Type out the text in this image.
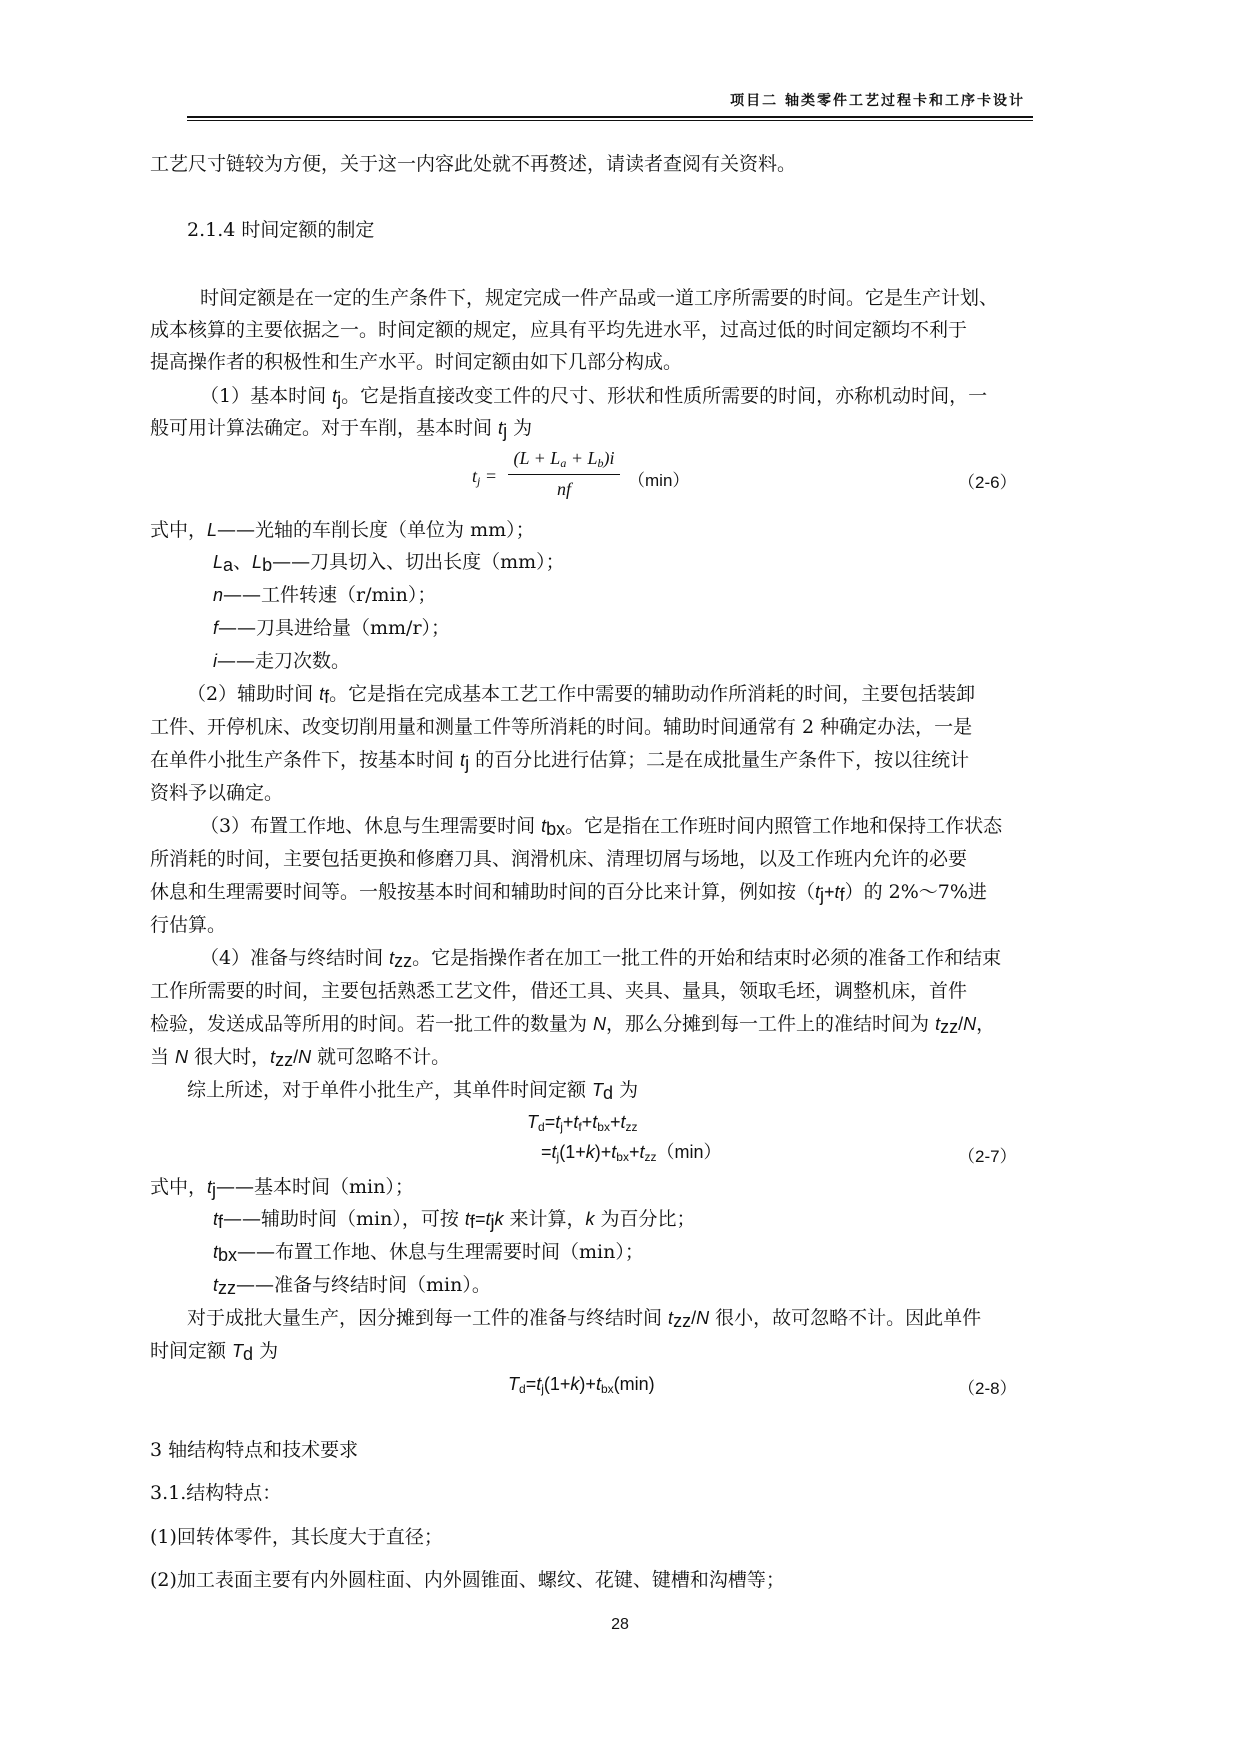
项目二 轴类零件工艺过程卡和工序卡设计
工艺尺寸链较为方便，关于这一内容此处就不再赘述，请读者查阅有关资料。
2.1.4 时间定额的制定
时间定额是在一定的生产条件下，规定完成一件产品或一道工序所需要的时间。它是生产计划、
成本核算的主要依据之一。时间定额的规定，应具有平均先进水平，过高过低的时间定额均不利于
提高操作者的积极性和生产水平。时间定额由如下几部分构成。
（1）基本时间 $t_j$。它是指直接改变工件的尺寸、形状和性质所需要的时间，亦称机动时间，一
般可用计算法确定。对于车削，基本时间 $t_j$ 为
$t_j$ =
$(L + L_a + L_b)i$
nf	（min）	（2-6）
式中，L——光轴的车削长度（单位为 mm）；
$L_a$、$L_b——$刀具切入、切出长度（mm）；
n——工件转速（r/min）；
f——刀具进给量（mm/r）；
i——走刀次数。
（2）辅助时间 $t_f$。它是指在完成基本工艺工作中需要的辅助动作所消耗的时间，主要包括装卸
工件、开停机床、改变切削用量和测量工件等所消耗的时间。辅助时间通常有 2 种确定办法，一是
在单件小批生产条件下，按基本时间 $t_j$ 的百分比进行估算；二是在成批量生产条件下，按以往统计
资料予以确定。
（3）布置工作地、休息与生理需要时间 $t_{bx}$。它是指在工作班时间内照管工作地和保持工作状态
所消耗的时间，主要包括更换和修磨刀具、润滑机床、清理切屑与场地，以及工作班内允许的必要
休息和生理需要时间等。一般按基本时间和辅助时间的百分比来计算，例如按$(t_j+t_f)$的 2%～7%进
行估算。
（4）准备与终结时间 $t_{zz}$。它是指操作者在加工一批工件的开始和结束时必须的准备工作和结束
工作所需要的时间，主要包括熟悉工艺文件，借还工具、夹具、量具，领取毛坯，调整机床，首件
检验，发送成品等所用的时间。若一批工件的数量为 N，那么分摊到每一工件上的准结时间为 $t_{zz}/N$，
当 N 很大时，$t_{zz}/N$ 就可忽略不计。
综上所述，对于单件小批生产，其单件时间定额 $T_d$ 为
$T_d=t_j+t_f+t_{bx}+t_{zz}$
$=t_j(1+k)+t_{bx}+t_{zz}(\min)$	（2-7）
式中，$t_j——$基本时间（min）；
$t_f——$辅助时间（min），可按 $t_f=t_jk$ 来计算，k 为百分比；
$t_{bx}——$布置工作地、休息与生理需要时间（min）；
$t_{zz}——$准备与终结时间（min）。
对于成批大量生产，因分摊到每一工件的准备与终结时间 $t_{zz}/N$ 很小，故可忽略不计。因此单件
时间定额 $T_d$ 为
$T_d=t_j(1+k)+t_{bx}(\min)$	（2-8）
3 轴结构特点和技术要求
3.1.结构特点：
(1)回转体零件，其长度大于直径；
(2)加工表面主要有内外圆柱面、内外圆锥面、螺纹、花键、键槽和沟槽等；
28
